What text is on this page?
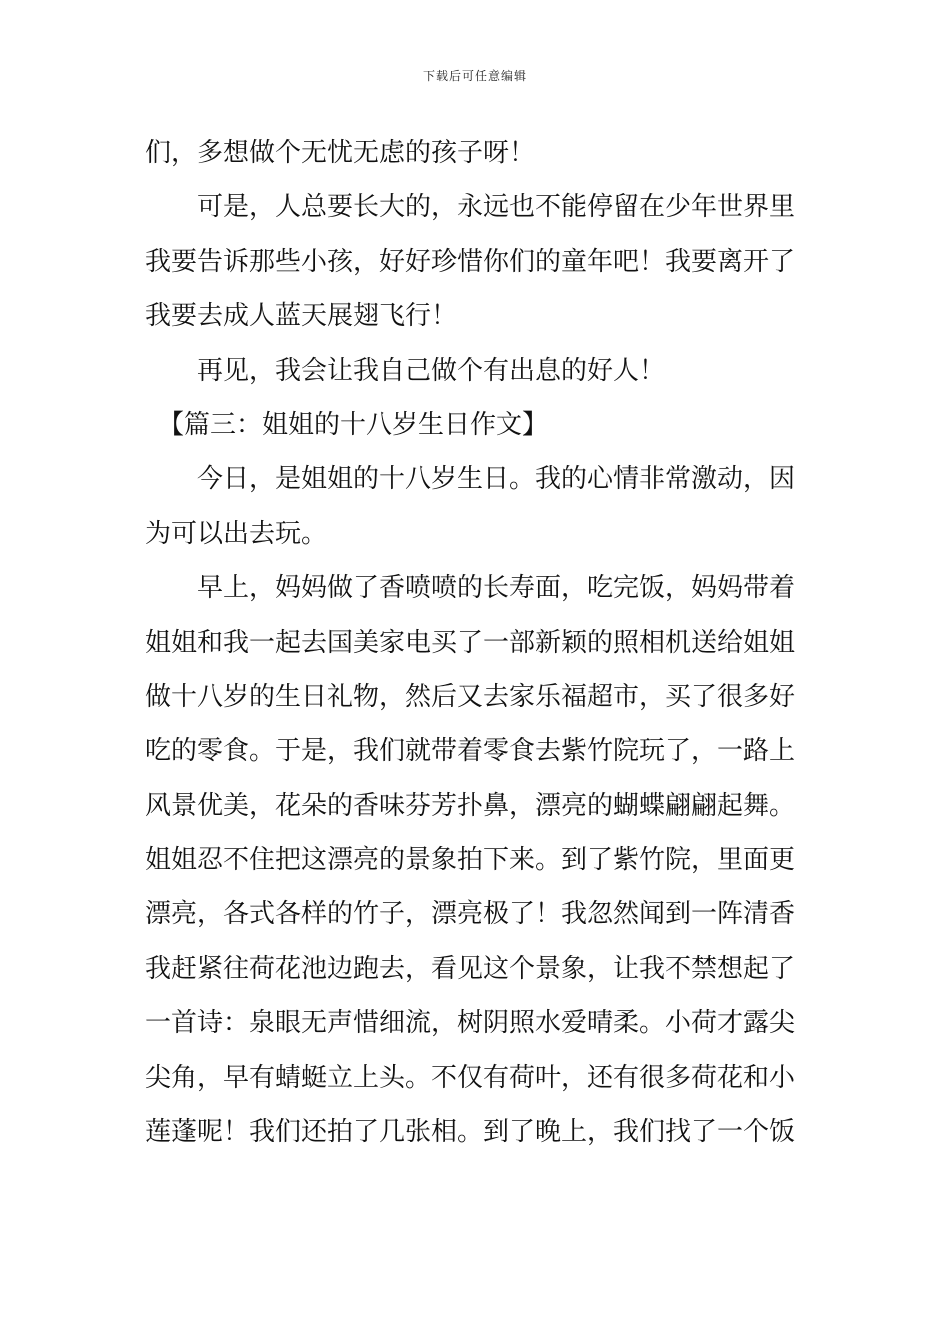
下载后可任意编辑
们，多想做个无忧无虑的孩子呀！
　　可是，人总要长大的，永远也不能停留在少年世界里
我要告诉那些小孩，好好珍惜你们的童年吧！我要离开了
我要去成人蓝天展翅飞行！
　　再见，我会让我自己做个有出息的好人！
　【篇三：姐姐的十八岁生日作文】
　　今日，是姐姐的十八岁生日。我的心情非常激动，因
为可以出去玩。
　　早上，妈妈做了香喷喷的长寿面，吃完饭，妈妈带着
姐姐和我一起去国美家电买了一部新颖的照相机送给姐姐
做十八岁的生日礼物，然后又去家乐福超市，买了很多好
吃的零食。于是，我们就带着零食去紫竹院玩了，一路上
风景优美，花朵的香味芬芳扑鼻，漂亮的蝴蝶翩翩起舞。
姐姐忍不住把这漂亮的景象拍下来。到了紫竹院，里面更
漂亮，各式各样的竹子，漂亮极了！我忽然闻到一阵清香
我赶紧往荷花池边跑去，看见这个景象，让我不禁想起了
一首诗：泉眼无声惜细流，树阴照水爱晴柔。小荷才露尖
尖角，早有蜻蜓立上头。不仅有荷叶，还有很多荷花和小
莲蓬呢！我们还拍了几张相。到了晚上，我们找了一个饭
